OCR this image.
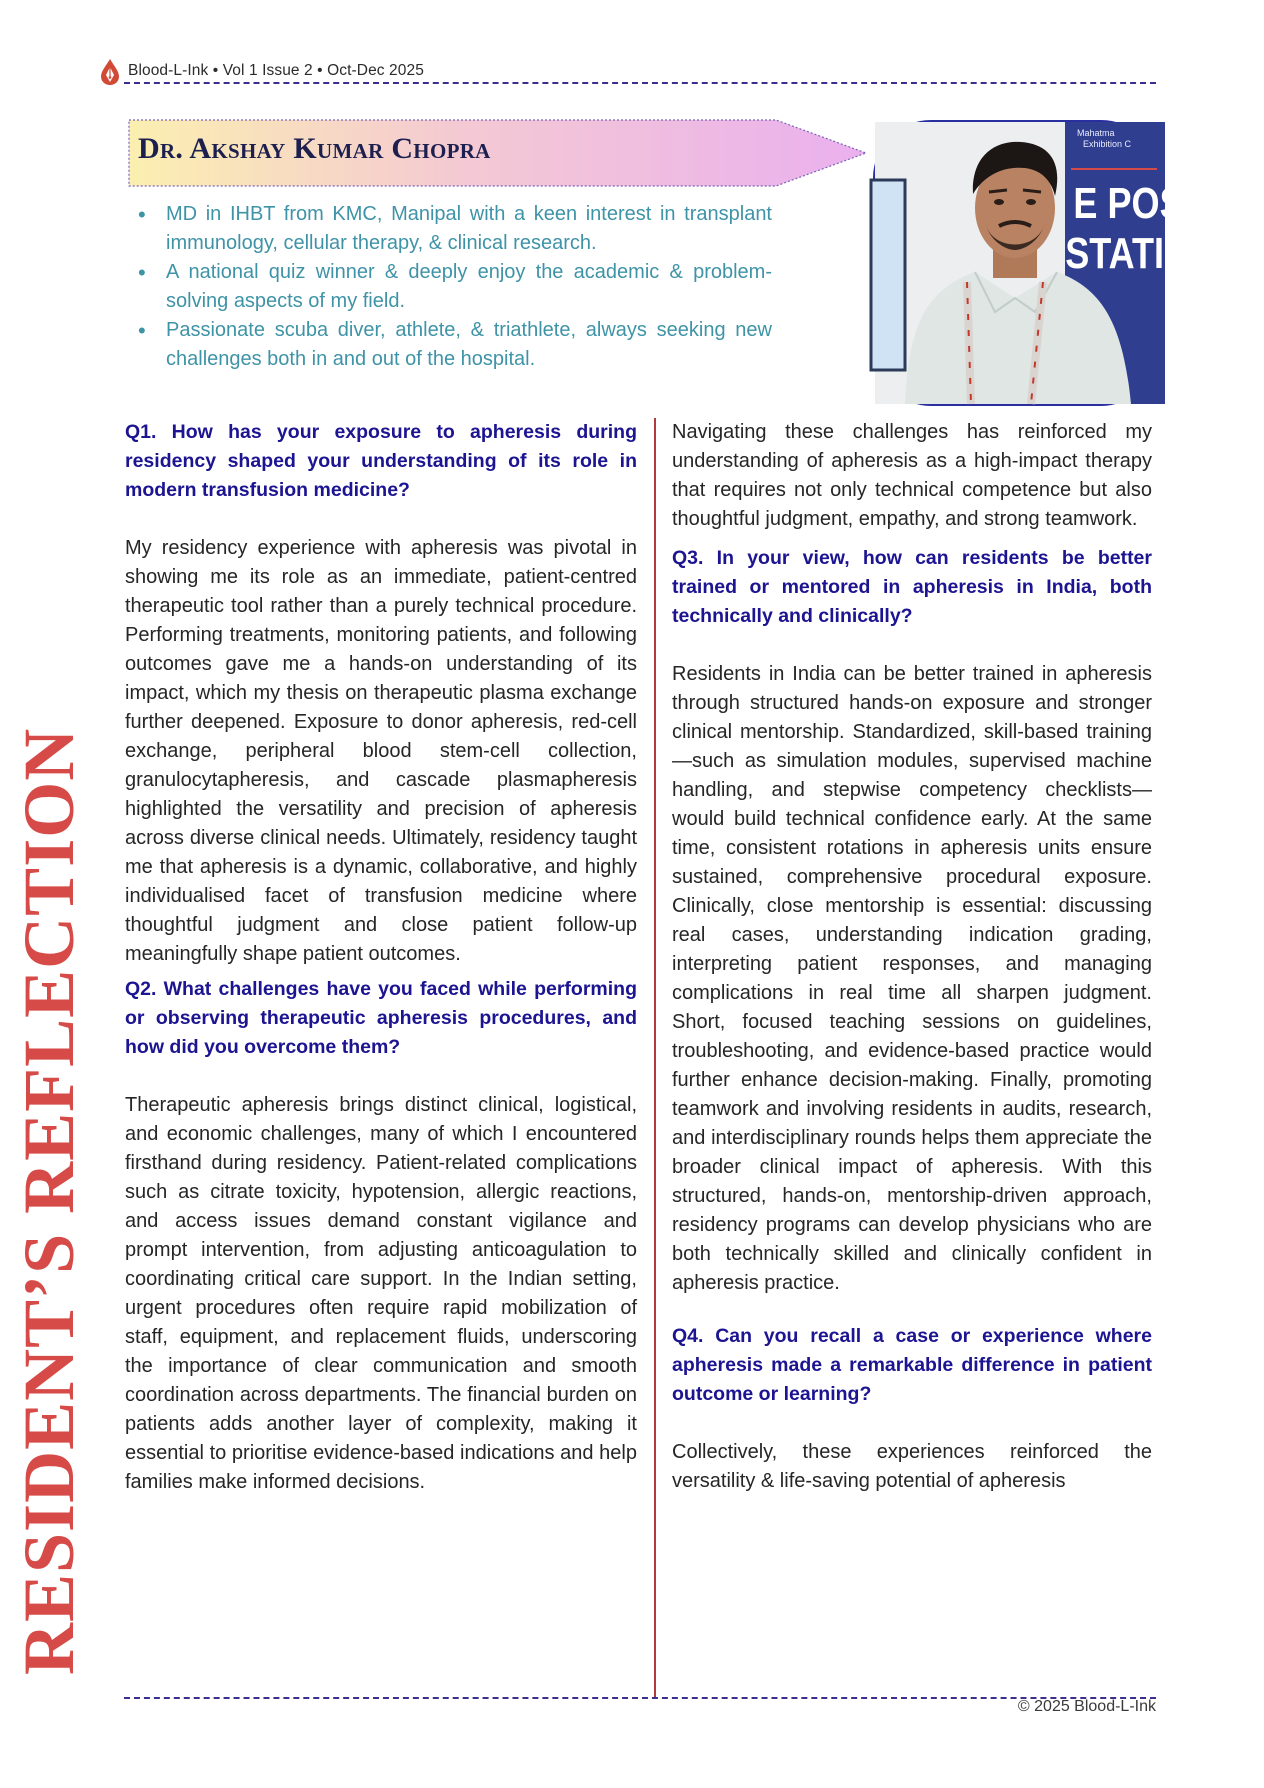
Blood-L-Ink • Vol 1 Issue 2 • Oct-Dec 2025
Dr. Akshay Kumar Chopra	Mahatma
Exhibition C
E POS
STATI
• MD in IHBT from KMC, Manipal with a keen interest in transplant immunology, cellular therapy, & clinical research.
• A national quiz winner & deeply enjoy the academic & problem-solving aspects of my field.
• Passionate scuba diver, athlete, & triathlete, always seeking new challenges both in and out of the hospital.
RESIDENT’S REFLECTION

Q1. How has your exposure to apheresis during residency shaped your understanding of its role in modern transfusion medicine?

My residency experience with apheresis was pivotal in showing me its role as an immediate, patient-centred therapeutic tool rather than a purely technical procedure. Performing treatments, monitoring patients, and following outcomes gave me a hands-on understanding of its impact, which my thesis on therapeutic plasma exchange further deepened. Exposure to donor apheresis, red-cell exchange, peripheral blood stem-cell collection, granulocytapheresis, and cascade plasmapheresis highlighted the versatility and precision of apheresis across diverse clinical needs. Ultimately, residency taught me that apheresis is a dynamic, collaborative, and highly individualised facet of transfusion medicine where thoughtful judgment and close patient follow-up meaningfully shape patient outcomes.

Q2. What challenges have you faced while performing or observing therapeutic apheresis procedures, and how did you overcome them?

Therapeutic apheresis brings distinct clinical, logistical, and economic challenges, many of which I encountered firsthand during residency. Patient-related complications such as citrate toxicity, hypotension, allergic reactions, and access issues demand constant vigilance and prompt intervention, from adjusting anticoagulation to coordinating critical care support. In the Indian setting, urgent procedures often require rapid mobilization of staff, equipment, and replacement fluids, underscoring the importance of clear communication and smooth coordination across departments. The financial burden on patients adds another layer of complexity, making it essential to prioritise evidence-based indications and help families make informed decisions.

Navigating these challenges has reinforced my understanding of apheresis as a high-impact therapy that requires not only technical competence but also thoughtful judgment, empathy, and strong teamwork.

Q3. In your view, how can residents be better trained or mentored in apheresis in India, both technically and clinically?

Residents in India can be better trained in apheresis through structured hands-on exposure and stronger clinical mentorship. Standardized, skill-based training—such as simulation modules, supervised machine handling, and stepwise competency checklists—would build technical confidence early. At the same time, consistent rotations in apheresis units ensure sustained, comprehensive procedural exposure. Clinically, close mentorship is essential: discussing real cases, understanding indication grading, interpreting patient responses, and managing complications in real time all sharpen judgment. Short, focused teaching sessions on guidelines, troubleshooting, and evidence-based practice would further enhance decision-making. Finally, promoting teamwork and involving residents in audits, research, and interdisciplinary rounds helps them appreciate the broader clinical impact of apheresis. With this structured, hands-on, mentorship-driven approach, residency programs can develop physicians who are both technically skilled and clinically confident in apheresis practice.

Q4. Can you recall a case or experience where apheresis made a remarkable difference in patient outcome or learning?

Collectively, these experiences reinforced the versatility & life-saving potential of apheresis

© 2025 Blood-L-Ink
